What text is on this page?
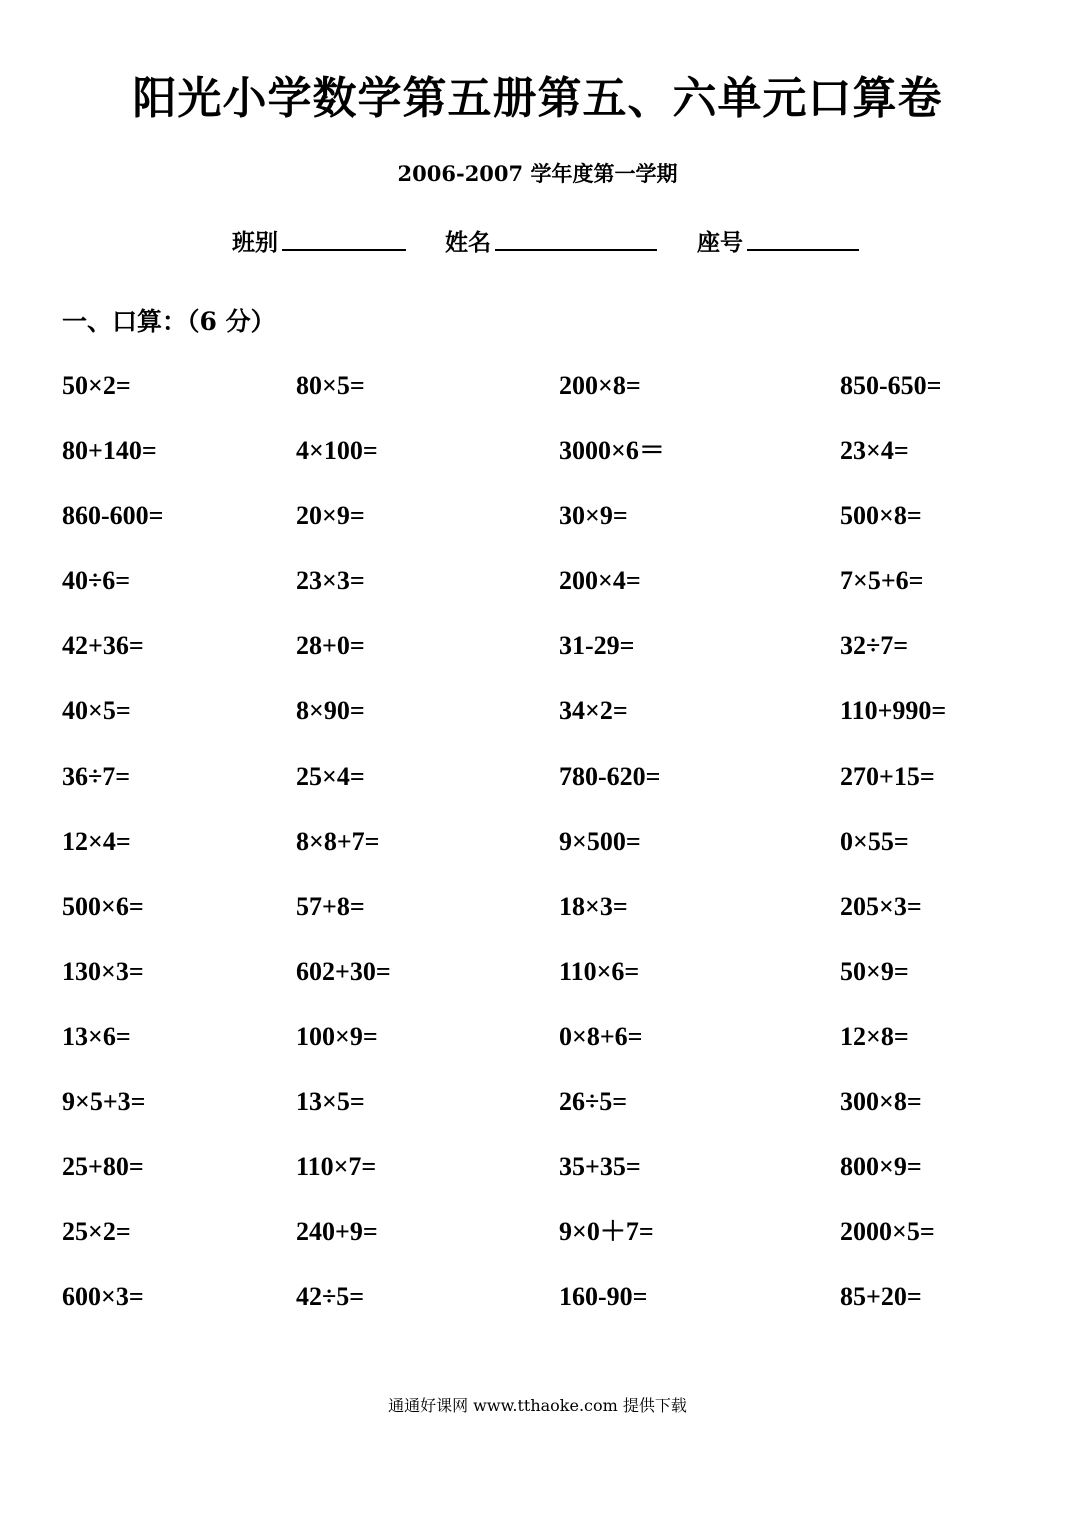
阳光小学数学第五册第五、六单元口算卷
2006-2007 学年度第一学期
班别	姓名	座号
一、口算：（6 分）
50×2=	80×5=	200×8=	850-650=
80+140=	4×100=	3000×6＝	23×4=
860-600=	20×9=	30×9=	500×8=
40÷6=	23×3=	200×4=	7×5+6=
42+36=	28+0=	31-29=	32÷7=
40×5=	8×90=	34×2=	110+990=
36÷7=	25×4=	780-620=	270+15=
12×4=	8×8+7=	9×500=	0×55=
500×6=	57+8=	18×3=	205×3=
130×3=	602+30=	110×6=	50×9=
13×6=	100×9=	0×8+6=	12×8=
9×5+3=	13×5=	26÷5=	300×8=
25+80=	110×7=	35+35=	800×9=
25×2=	240+9=	9×0＋7=	2000×5=
600×3=	42÷5=	160-90=	85+20=
通通好课网 www.tthaoke.com 提供下载
